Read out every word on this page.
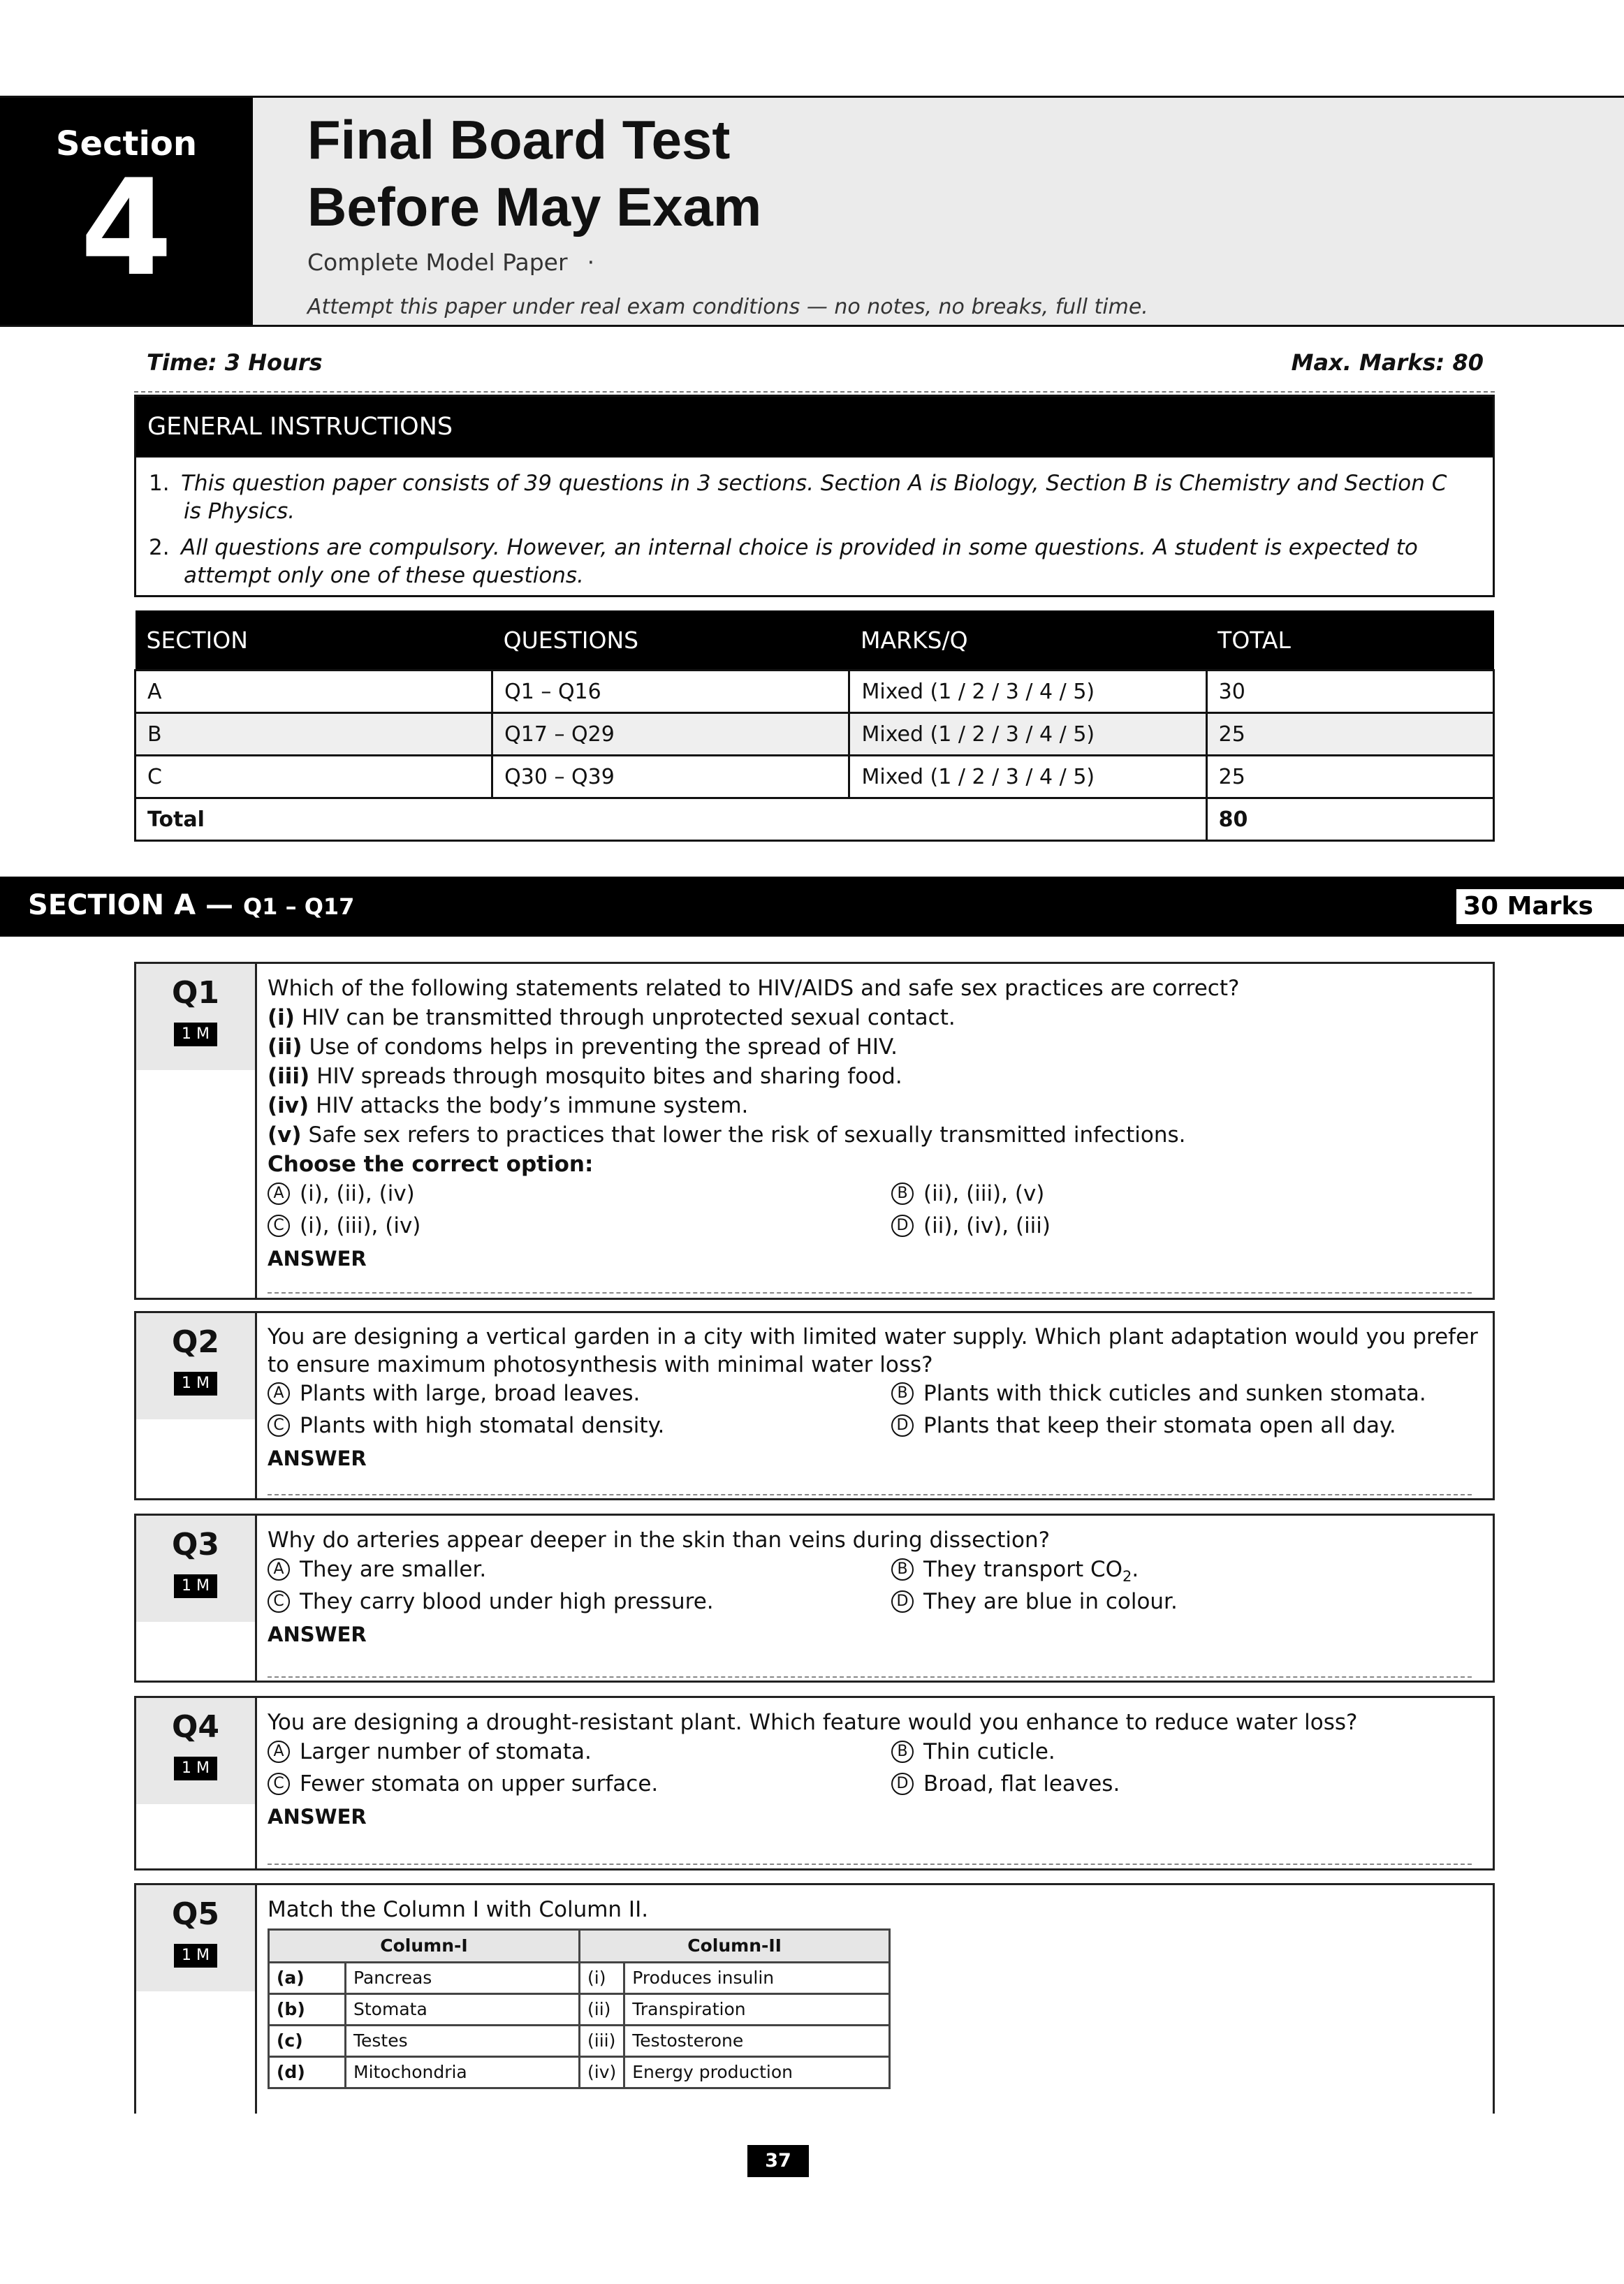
Section
4
Final Board Test
Before May Exam
Complete Model Paper ·
Attempt this paper under real exam conditions — no notes, no breaks, full time.
Time: 3 Hours	Max. Marks: 80
GENERAL INSTRUCTIONS
1. This question paper consists of 39 questions in 3 sections. Section A is Biology, Section B is Chemistry and Section C is Physics.
2. All questions are compulsory. However, an internal choice is provided in some questions. A student is expected to attempt only one of these questions.
SECTION	QUESTIONS	MARKS/Q	TOTAL
A	Q1 – Q16	Mixed (1 / 2 / 3 / 4 / 5)	30
B	Q17 – Q29	Mixed (1 / 2 / 3 / 4 / 5)	25
C	Q30 – Q39	Mixed (1 / 2 / 3 / 4 / 5)	25
Total			80
SECTION A — Q1 – Q17	30 Marks
Q1
1 M
Which of the following statements related to HIV/AIDS and safe sex practices are correct?
(i) HIV can be transmitted through unprotected sexual contact.
(ii) Use of condoms helps in preventing the spread of HIV.
(iii) HIV spreads through mosquito bites and sharing food.
(iv) HIV attacks the body’s immune system.
(v) Safe sex refers to practices that lower the risk of sexually transmitted infections.
Choose the correct option:
A (i), (ii), (iv)	B (ii), (iii), (v)
C (i), (iii), (iv)	D (ii), (iv), (iii)
ANSWER
Q2
1 M
You are designing a vertical garden in a city with limited water supply. Which plant adaptation would you prefer to ensure maximum photosynthesis with minimal water loss?
A Plants with large, broad leaves.	B Plants with thick cuticles and sunken stomata.
C Plants with high stomatal density.	D Plants that keep their stomata open all day.
ANSWER
Q3
1 M
Why do arteries appear deeper in the skin than veins during dissection?
A They are smaller.	B They transport $CO_2$.
C They carry blood under high pressure.	D They are blue in colour.
ANSWER
Q4
1 M
You are designing a drought-resistant plant. Which feature would you enhance to reduce water loss?
A Larger number of stomata.	B Thin cuticle.
C Fewer stomata on upper surface.	D Broad, flat leaves.
ANSWER
Q5
1 M
Match the Column I with Column II.
Column-I		Column-II	
(a)	Pancreas	(i)	Produces insulin
(b)	Stomata	(ii)	Transpiration
(c)	Testes	(iii)	Testosterone
(d)	Mitochondria	(iv)	Energy production
37
